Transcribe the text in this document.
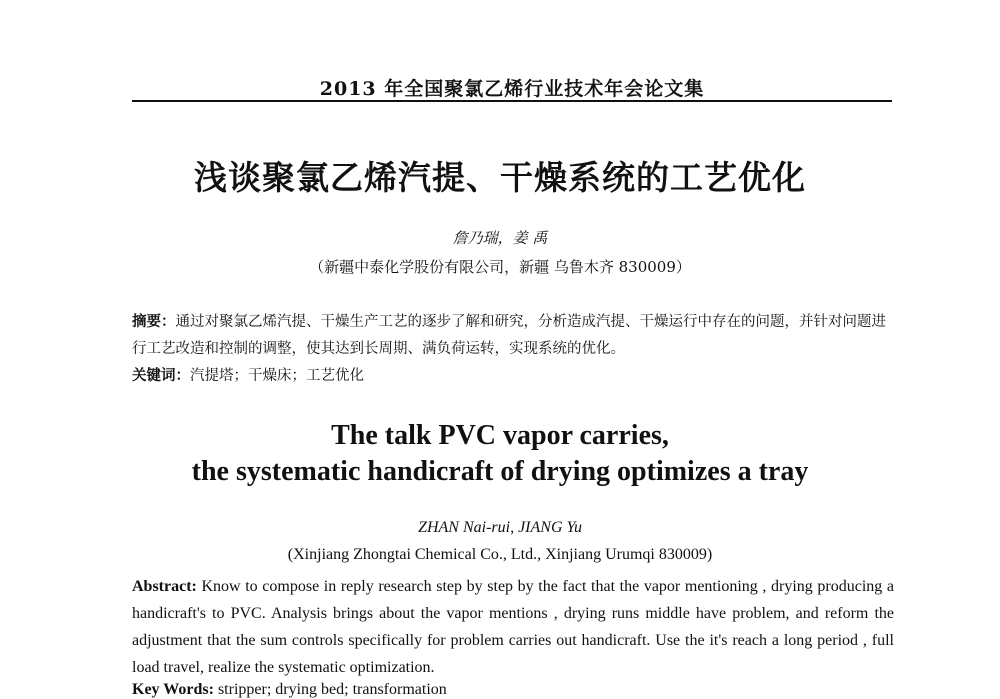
2013 年全国聚氯乙烯行业技术年会论文集
浅谈聚氯乙烯汽提、干燥系统的工艺优化
詹乃瑞，姜 禹
（新疆中泰化学股份有限公司，新疆 乌鲁木齐 830009）
摘要：通过对聚氯乙烯汽提、干燥生产工艺的逐步了解和研究，分析造成汽提、干燥运行中存在的问题，并针对问题进行工艺改造和控制的调整，使其达到长周期、满负荷运转，实现系统的优化。
关键词：汽提塔；干燥床；工艺优化
The talk PVC vapor carries,
the systematic handicraft of drying optimizes a tray
ZHAN Nai-rui, JIANG Yu
(Xinjiang Zhongtai Chemical Co., Ltd., Xinjiang Urumqi 830009)
Abstract: Know to compose in reply research step by step by the fact that the vapor mentioning , drying producing a handicraft's to PVC. Analysis brings about the vapor mentions , drying runs middle have problem, and reform the adjustment that the sum controls specifically for problem carries out handicraft. Use the it's reach a long period , full load travel, realize the systematic optimization.
Key Words: stripper; drying bed; transformation
